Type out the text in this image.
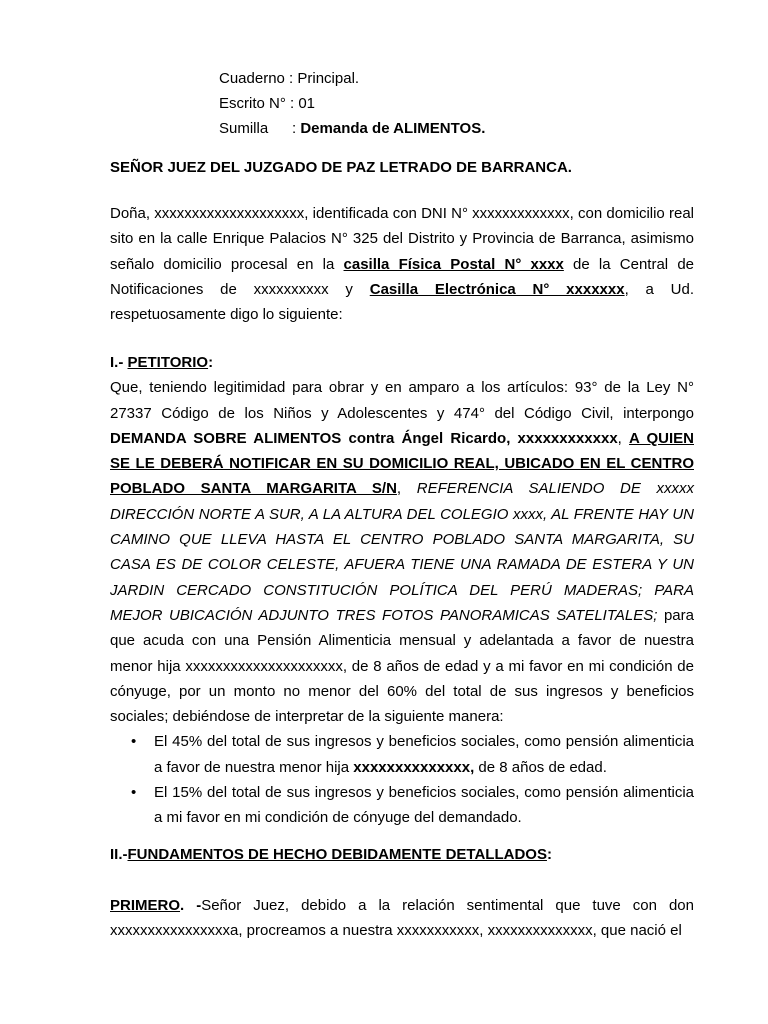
Cuaderno : Principal.
Escrito N° : 01
Sumilla : Demanda de ALIMENTOS.
SEÑOR JUEZ DEL JUZGADO DE PAZ LETRADO DE BARRANCA.

Doña, xxxxxxxxxxxxxxxxxxxx, identificada con DNI N° xxxxxxxxxxxxx, con domicilio real sito en la calle Enrique Palacios N° 325 del Distrito y Provincia de Barranca, asimismo señalo domicilio procesal en la casilla Física Postal N° xxxx de la Central de Notificaciones de xxxxxxxxxx y Casilla Electrónica N° xxxxxxx, a Ud. respetuosamente digo lo siguiente:

I.- PETITORIO:

Que, teniendo legitimidad para obrar y en amparo a los artículos: 93° de la Ley N° 27337 Código de los Niños y Adolescentes y 474° del Código Civil, interpongo DEMANDA SOBRE ALIMENTOS contra Ángel Ricardo, xxxxxxxxxxxx, A QUIEN SE LE DEBERÁ NOTIFICAR EN SU DOMICILIO REAL, UBICADO EN EL CENTRO POBLADO SANTA MARGARITA S/N, REFERENCIA SALIENDO DE xxxxx DIRECCIÓN NORTE A SUR, A LA ALTURA DEL COLEGIO xxxx, AL FRENTE HAY UN CAMINO QUE LLEVA HASTA EL CENTRO POBLADO SANTA MARGARITA, SU CASA ES DE COLOR CELESTE, AFUERA TIENE UNA RAMADA DE ESTERA Y UN JARDIN CERCADO CONSTITUCIÓN POLÍTICA DEL PERÚ MADERAS; PARA MEJOR UBICACIÓN ADJUNTO TRES FOTOS PANORAMICAS SATELITALES; para que acuda con una Pensión Alimenticia mensual y adelantada a favor de nuestra menor hija xxxxxxxxxxxxxxxxxxxxx, de 8 años de edad y a mi favor en mi condición de cónyuge, por un monto no menor del 60% del total de sus ingresos y beneficios sociales; debiéndose de interpretar de la siguiente manera:

• El 45% del total de sus ingresos y beneficios sociales, como pensión alimenticia a favor de nuestra menor hija xxxxxxxxxxxxxx, de 8 años de edad.
• El 15% del total de sus ingresos y beneficios sociales, como pensión alimenticia a mi favor en mi condición de cónyuge del demandado.

II.-FUNDAMENTOS DE HECHO DEBIDAMENTE DETALLADOS:

PRIMERO. -Señor Juez, debido a la relación sentimental que tuve con don xxxxxxxxxxxxxxxxa, procreamos a nuestra xxxxxxxxxxx, xxxxxxxxxxxxxx, que nació el
